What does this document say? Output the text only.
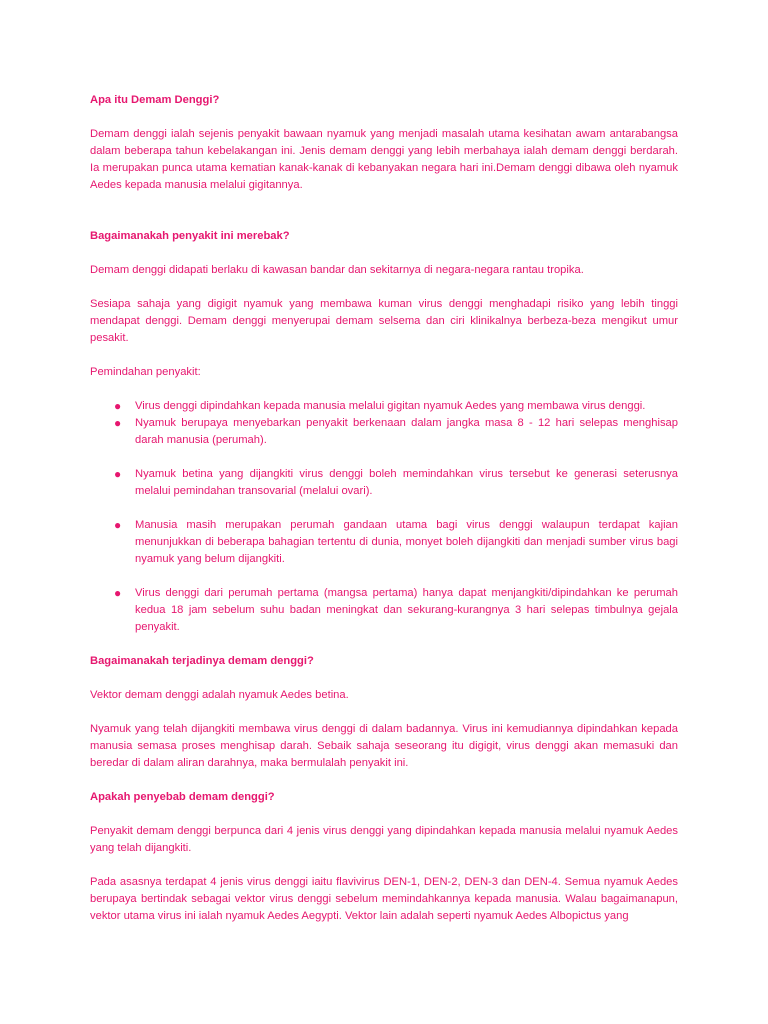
Apa itu Demam Denggi?

Demam denggi ialah sejenis penyakit bawaan nyamuk yang menjadi masalah utama kesihatan awam antarabangsa dalam beberapa tahun kebelakangan ini. Jenis demam denggi yang lebih merbahaya ialah demam denggi berdarah. Ia merupakan punca utama kematian kanak-kanak di kebanyakan negara hari ini.Demam denggi dibawa oleh nyamuk Aedes kepada manusia melalui gigitannya.

Bagaimanakah penyakit ini merebak?

Demam denggi didapati berlaku di kawasan bandar dan sekitarnya di negara-negara rantau tropika.

Sesiapa sahaja yang digigit nyamuk yang membawa kuman virus denggi menghadapi risiko yang lebih tinggi mendapat denggi. Demam denggi menyerupai demam selsema dan ciri klinikalnya berbeza-beza mengikut umur pesakit.

Pemindahan penyakit:

● Virus denggi dipindahkan kepada manusia melalui gigitan nyamuk Aedes yang membawa virus denggi.
● Nyamuk berupaya menyebarkan penyakit berkenaan dalam jangka masa 8 - 12 hari selepas menghisap darah manusia (perumah).
● Nyamuk betina yang dijangkiti virus denggi boleh memindahkan virus tersebut ke generasi seterusnya melalui pemindahan transovarial (melalui ovari).
● Manusia masih merupakan perumah gandaan utama bagi virus denggi walaupun terdapat kajian menunjukkan di beberapa bahagian tertentu di dunia, monyet boleh dijangkiti dan menjadi sumber virus bagi nyamuk yang belum dijangkiti.
● Virus denggi dari perumah pertama (mangsa pertama) hanya dapat menjangkiti/dipindahkan ke perumah kedua 18 jam sebelum suhu badan meningkat dan sekurang-kurangnya 3 hari selepas timbulnya gejala penyakit.
Bagaimanakah terjadinya demam denggi?

Vektor demam denggi adalah nyamuk Aedes betina.

Nyamuk yang telah dijangkiti membawa virus denggi di dalam badannya. Virus ini kemudiannya dipindahkan kepada manusia semasa proses menghisap darah. Sebaik sahaja seseorang itu digigit, virus denggi akan memasuki dan beredar di dalam aliran darahnya, maka bermulalah penyakit ini.

Apakah penyebab demam denggi?

Penyakit demam denggi berpunca dari 4 jenis virus denggi yang dipindahkan kepada manusia melalui nyamuk Aedes yang telah dijangkiti.

Pada asasnya terdapat 4 jenis virus denggi iaitu flavivirus DEN-1, DEN-2, DEN-3 dan DEN-4. Semua nyamuk Aedes berupaya bertindak sebagai vektor virus denggi sebelum memindahkannya kepada manusia. Walau bagaimanapun, vektor utama virus ini ialah nyamuk Aedes Aegypti. Vektor lain adalah seperti nyamuk Aedes Albopictus yang
